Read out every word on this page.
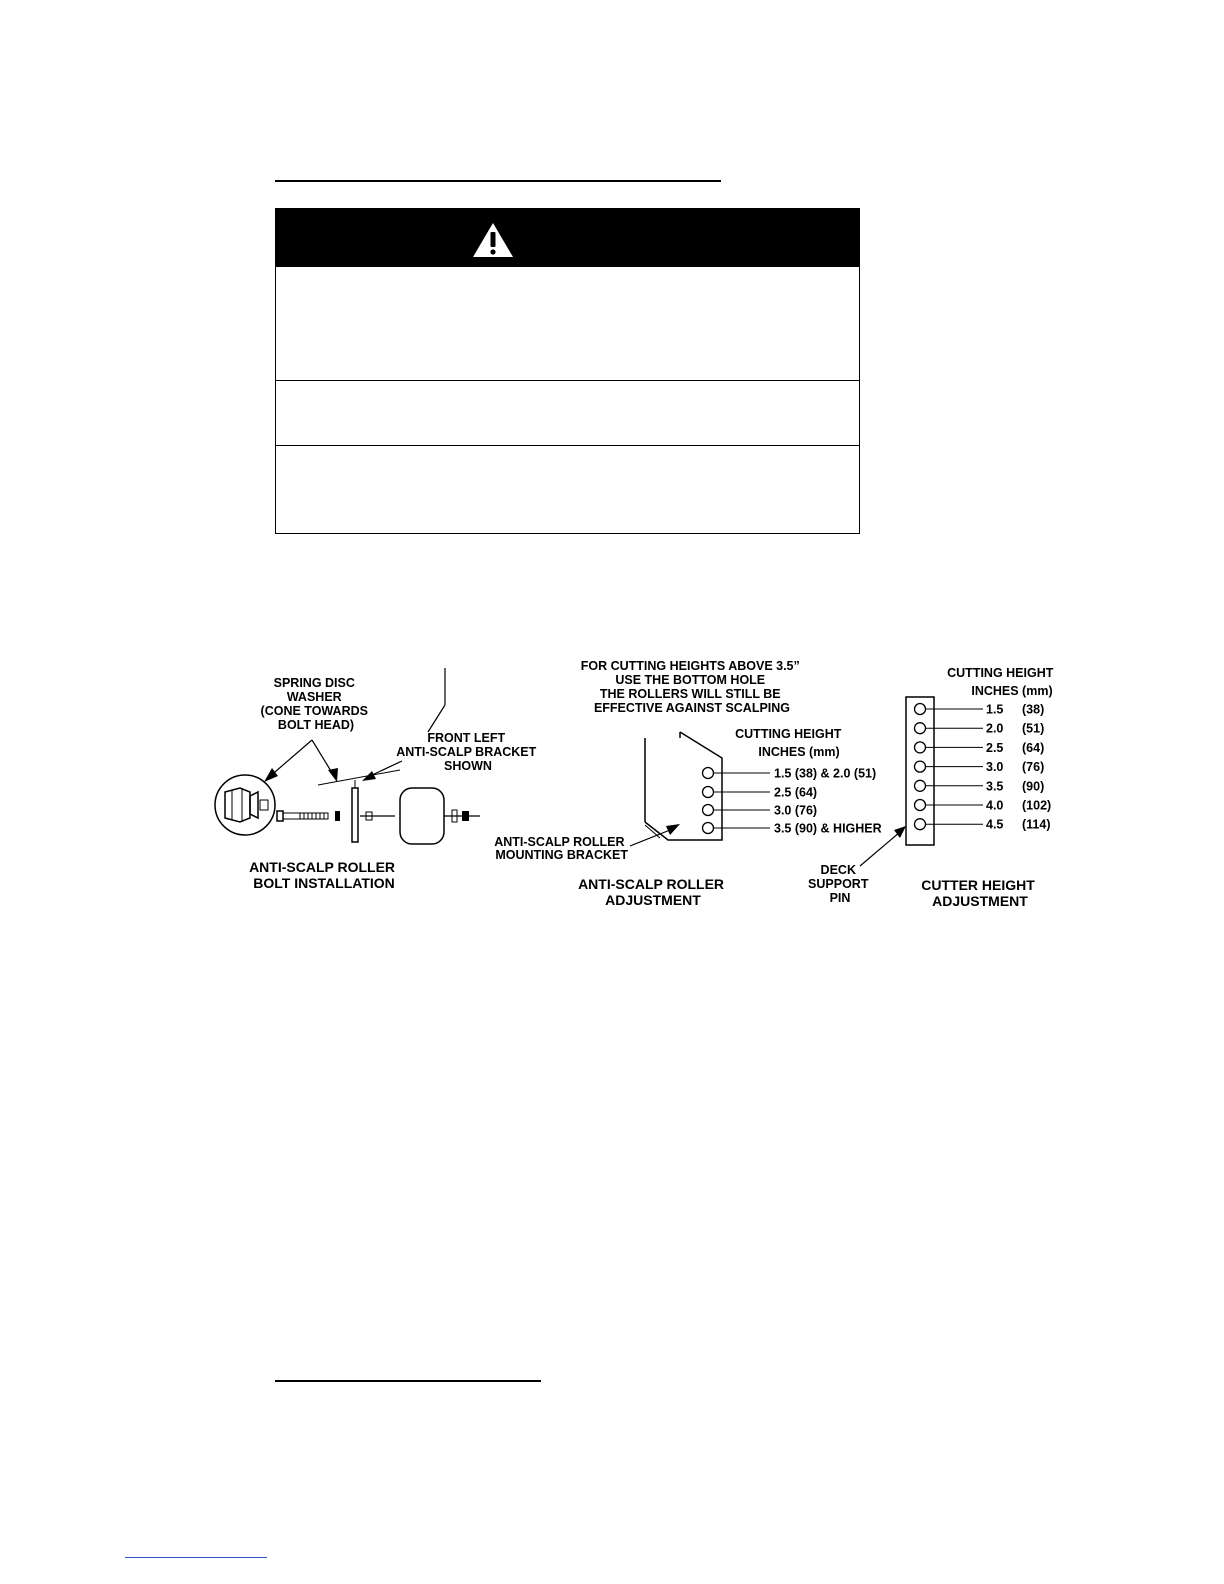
SPRING DISC WASHER (CONE TOWARDS BOLT HEAD)
FRONT LEFT ANTI-SCALP BRACKET SHOWN
ANTI-SCALP ROLLER BOLT INSTALLATION
FOR CUTTING HEIGHTS ABOVE 3.5” USE THE BOTTOM HOLE THE ROLLERS WILL STILL BE EFFECTIVE AGAINST SCALPING
CUTTING HEIGHT INCHES (mm)
1.5 (38) & 2.0 (51)
2.5 (64)
3.0 (76)
3.5 (90) & HIGHER
ANTI-SCALP ROLLER MOUNTING BRACKET
ANTI-SCALP ROLLER ADJUSTMENT
CUTTING HEIGHT INCHES (mm)
1.5 (38)
2.0 (51)
2.5 (64)
3.0 (76)
3.5 (90)
4.0 (102)
4.5 (114)
DECK SUPPORT PIN
CUTTER HEIGHT ADJUSTMENT
